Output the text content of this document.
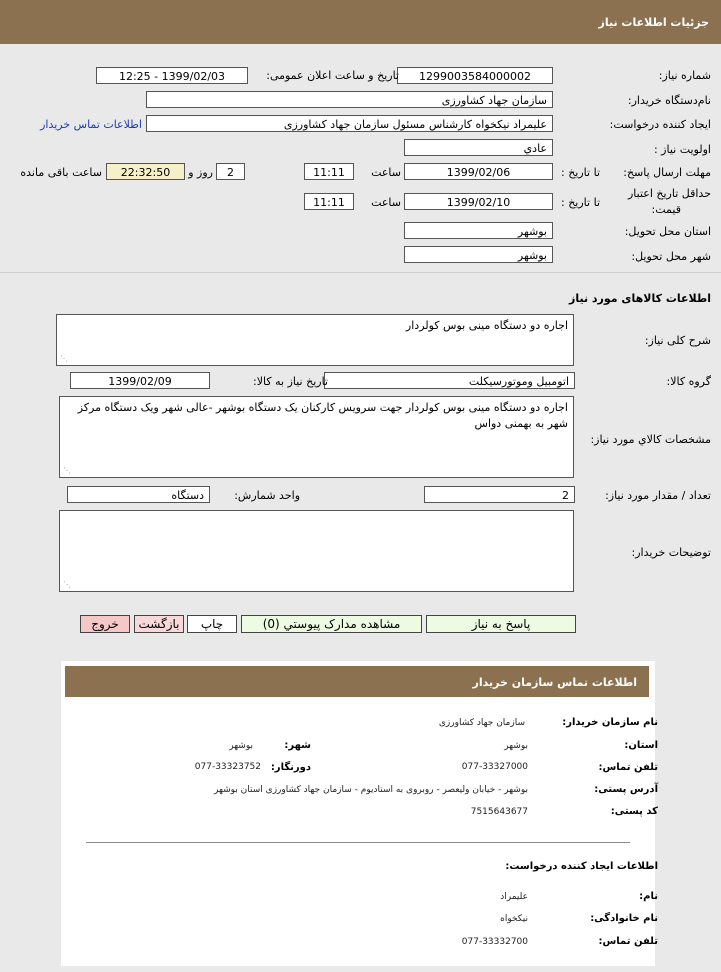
جزئيات اطلاعات نياز
شماره نياز:
1299003584000002
تاريخ و ساعت اعلان عمومی:
1399/02/03 - 12:25
نام‌دستگاه خريدار:
سازمان جهاد کشاورزی
ايجاد کننده درخواست:
عليمراد نيکخواه کارشناس مسئول سازمان جهاد کشاورزی
اطلاعات تماس خريدار
اولويت نياز :
عادي
مهلت ارسال پاسخ:
تا تاريخ :
1399/02/06
ساعت
11:11
2
روز و
22:32:50
ساعت باقی مانده
حداقل تاريخ اعتبار
قيمت:
تا تاريخ :
1399/02/10
ساعت
11:11
استان محل تحويل:
بوشهر
شهر محل تحويل:
بوشهر
اطلاعات کالاهای مورد نیاز
شرح کلی نياز:
اجاره دو دستگاه مینی بوس کولردار
⋰
گروه کالا:
اتومبيل وموتورسيکلت
تاريخ نياز به کالا:
1399/02/09
مشخصات کالاي مورد نياز:
اجاره دو دستگاه مینی بوس کولردار جهت سرویس کارکنان یک دستگاه بوشهر -عالی شهر ویک دستگاه مرکز شهر به بهمنی دواس
⋰
تعداد / مقدار مورد نیاز:
2
واحد شمارش:
دستگاه
توضيحات خريدار:
⋰
پاسخ به نياز
مشاهده مدارک پيوستي (0)
چاپ
بازگشت
خروج
اطلاعات تماس سازمان خریدار
نام سازمان خریدار:
سازمان جهاد کشاورزی
استان:
بوشهر
شهر:
بوشهر
تلفن تماس:
077-33327000
دورنگار:
077-33323752
آدرس پستی:
بوشهر - خیابان ولیعصر - روبروی به استادیوم - سازمان جهاد کشاورزی استان بوشهر
کد پستی:
7515643677
اطلاعات ایجاد کننده درخواست:
نام:
علیمراد
نام خانوادگی:
نیکخواه
تلفن تماس:
077-33332700
